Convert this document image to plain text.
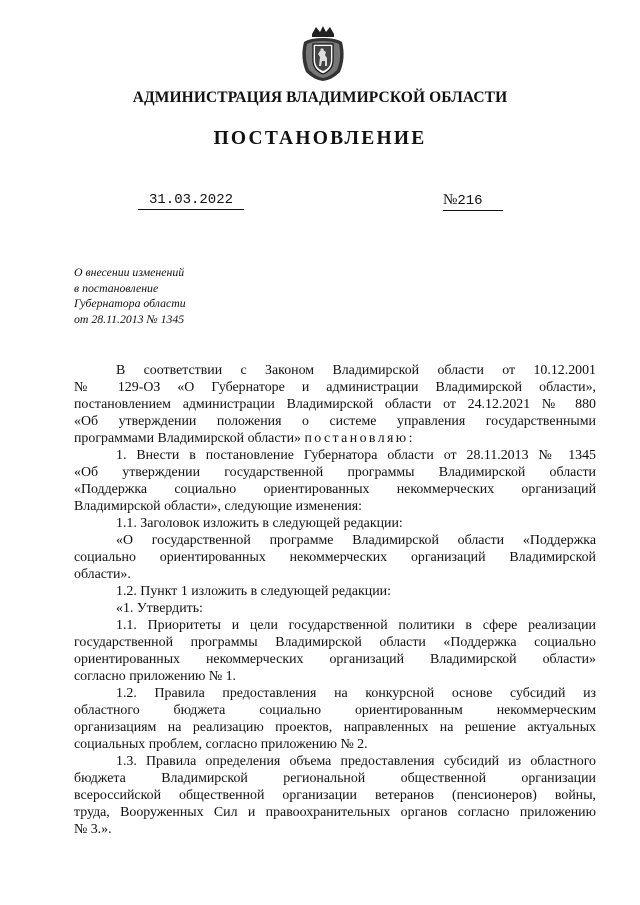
АДМИНИСТРАЦИЯ ВЛАДИМИРСКОЙ ОБЛАСТИ
ПОСТАНОВЛЕНИЕ
31.03.2022	№216
О внесении изменений
в постановление
Губернатора области
от 28.11.2013 № 1345
В соответствии с Законом Владимирской области от 10.12.2001
№ 129-ОЗ «О Губернаторе и администрации Владимирской области»,
постановлением администрации Владимирской области от 24.12.2021 № 880
«Об утверждении положения о системе управления государственными
программами Владимирской области» постановляю:
1. Внести в постановление Губернатора области от 28.11.2013 № 1345
«Об утверждении государственной программы Владимирской области
«Поддержка социально ориентированных некоммерческих организаций
Владимирской области», следующие изменения:
1.1. Заголовок изложить в следующей редакции:
«О государственной программе Владимирской области «Поддержка
социально ориентированных некоммерческих организаций Владимирской
области».
1.2. Пункт 1 изложить в следующей редакции:
«1. Утвердить:
1.1. Приоритеты и цели государственной политики в сфере реализации
государственной программы Владимирской области «Поддержка социально
ориентированных некоммерческих организаций Владимирской области»
согласно приложению № 1.
1.2. Правила предоставления на конкурсной основе субсидий из
областного бюджета социально ориентированным некоммерческим
организациям на реализацию проектов, направленных на решение актуальных
социальных проблем, согласно приложению № 2.
1.3. Правила определения объема предоставления субсидий из областного
бюджета Владимирской региональной общественной организации
всероссийской общественной организации ветеранов (пенсионеров) войны,
труда, Вооруженных Сил и правоохранительных органов согласно приложению
№ 3.».
